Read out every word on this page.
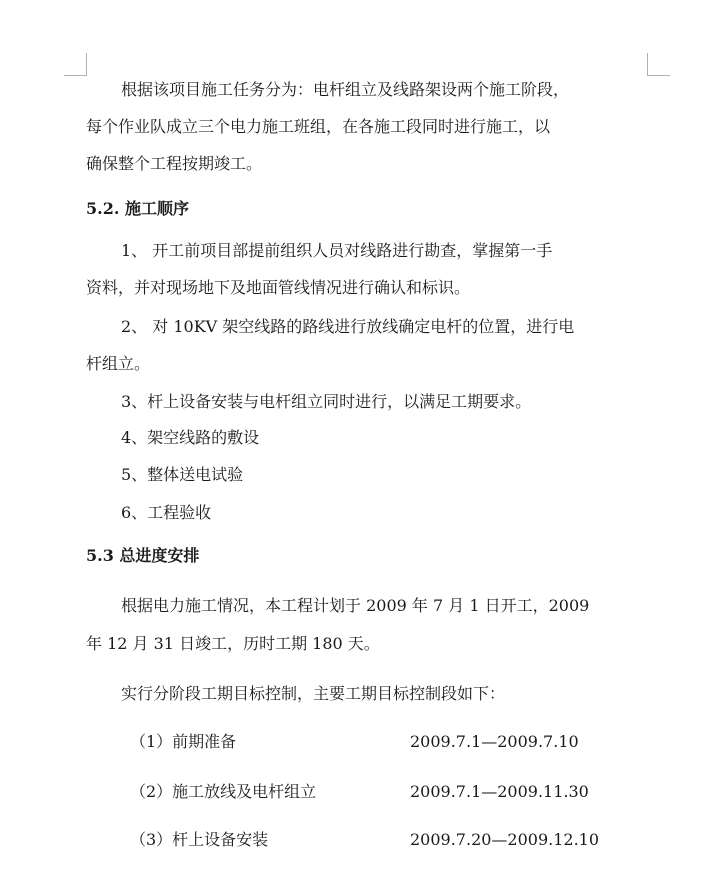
根据该项目施工任务分为：电杆组立及线路架设两个施工阶段，
每个作业队成立三个电力施工班组，在各施工段同时进行施工，以
确保整个工程按期竣工。
5.2. 施工顺序
1、 开工前项目部提前组织人员对线路进行勘查，掌握第一手
资料，并对现场地下及地面管线情况进行确认和标识。
2、 对 10KV 架空线路的路线进行放线确定电杆的位置，进行电
杆组立。
3、杆上设备安装与电杆组立同时进行，以满足工期要求。
4、架空线路的敷设
5、整体送电试验
6、工程验收
5.3 总进度安排
根据电力施工情况，本工程计划于 2009 年 7 月 1 日开工，2009
年 12 月 31 日竣工，历时工期 180 天。
实行分阶段工期目标控制，主要工期目标控制段如下：
（1）前期准备	2009.7.1—2009.7.10
（2）施工放线及电杆组立	2009.7.1—2009.11.30
（3）杆上设备安装	2009.7.20—2009.12.10
